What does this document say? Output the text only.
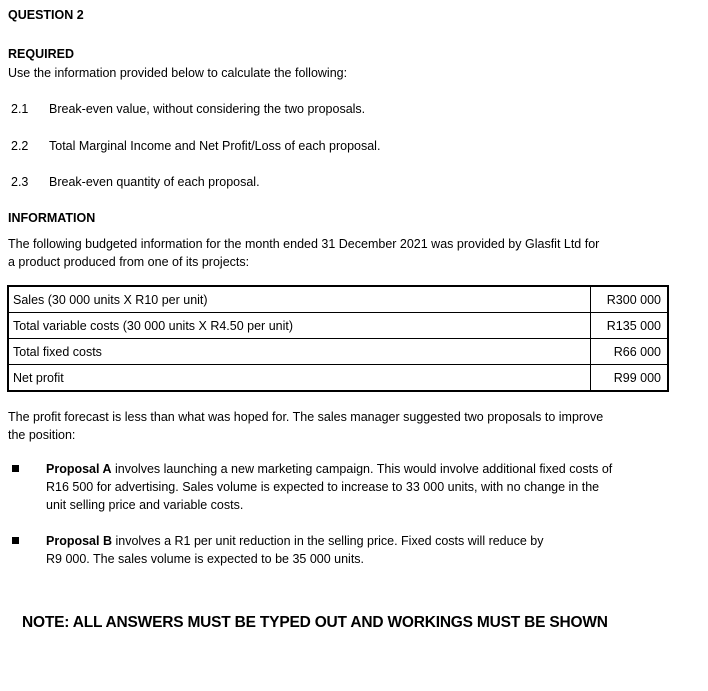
QUESTION 2
REQUIRED
Use the information provided below to calculate the following:
2.1 Break-even value, without considering the two proposals.
2.2 Total Marginal Income and Net Profit/Loss of each proposal.
2.3 Break-even quantity of each proposal.
INFORMATION
The following budgeted information for the month ended 31 December 2021 was provided by Glasfit Ltd for
a product produced from one of its projects:
Sales (30 000 units X R10 per unit)	R300 000
Total variable costs (30 000 units X R4.50 per unit)	R135 000
Total fixed costs	R66 000
Net profit	R99 000
The profit forecast is less than what was hoped for. The sales manager suggested two proposals to improve
the position:
Proposal A involves launching a new marketing campaign. This would involve additional fixed costs of
R16 500 for advertising. Sales volume is expected to increase to 33 000 units, with no change in the
unit selling price and variable costs.
Proposal B involves a R1 per unit reduction in the selling price. Fixed costs will reduce by
R9 000. The sales volume is expected to be 35 000 units.
NOTE: ALL ANSWERS MUST BE TYPED OUT AND WORKINGS MUST BE SHOWN
